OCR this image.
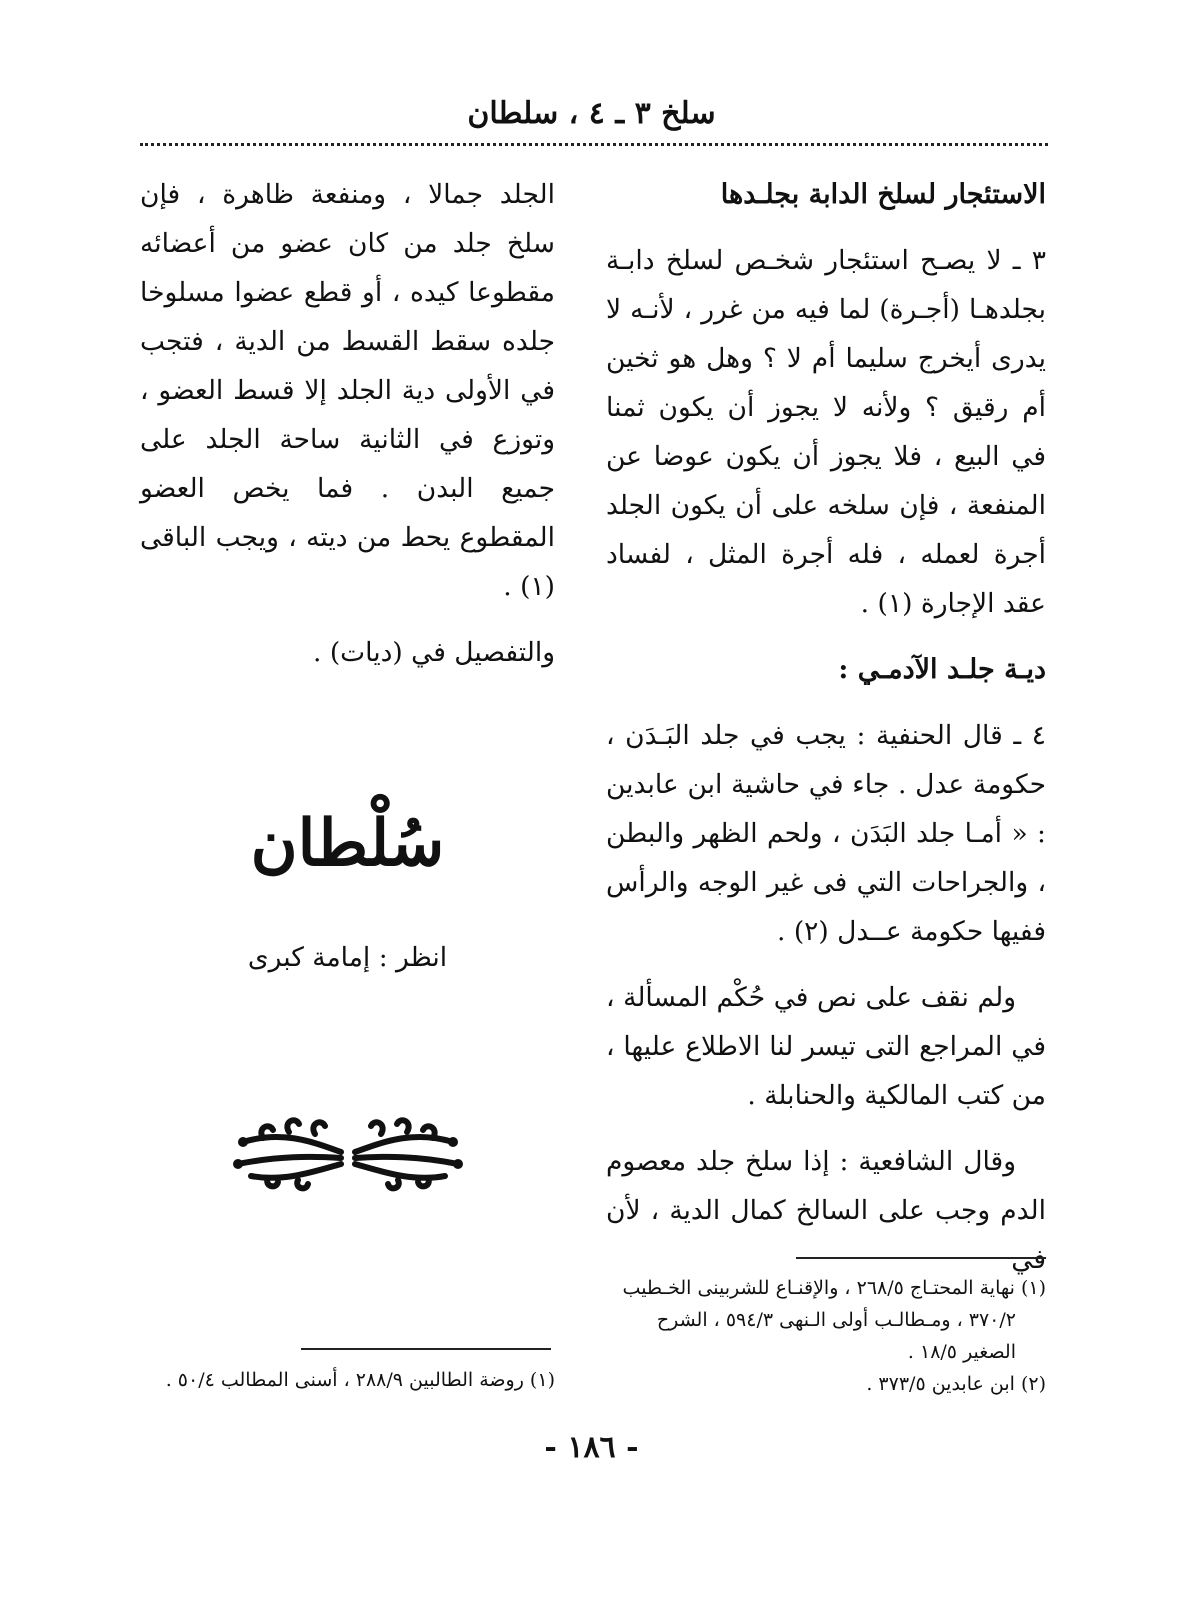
سلخ ٣ ـ ٤ ، سلطان
الاستئجار لسلخ الدابة بجلـدها

٣ ـ لا يصـح استئجار شخـص لسلخ دابـة بجلدهـا (أجـرة) لما فيه من غرر ، لأنـه لا يدرى أيخرج سليما أم لا ؟ وهل هو ثخين أم رقيق ؟ ولأنه لا يجوز أن يكون ثمنا في البيع ، فلا يجوز أن يكون عوضا عن المنفعة ، فإن سلخه على أن يكون الجلد أجرة لعمله ، فله أجرة المثل ، لفساد عقد الإجارة (١) .

ديـة جلـد الآدمـي :

٤ ـ قال الحنفية : يجب في جلد البَـدَن ، حكومة عدل . جاء في حاشية ابن عابدين : « أمـا جلد البَدَن ، ولحم الظهر والبطن ، والجراحات التي فى غير الوجه والرأس ففيها حكومة عــدل (٢) .

ولم نقف على نص في حُكْم المسألة ، في المراجع التى تيسر لنا الاطلاع عليها ، من كتب المالكية والحنابلة .

وقال الشافعية : إذا سلخ جلد معصوم الدم وجب على السالخ كمال الدية ، لأن في

الجلد جمالا ، ومنفعة ظاهرة ، فإن سلخ جلد من كان عضو من أعضائه مقطوعا كيده ، أو قطع عضوا مسلوخا جلده سقط القسط من الدية ، فتجب في الأولى دية الجلد إلا قسط العضو ، وتوزع في الثانية ساحة الجلد على جميع البدن . فما يخص العضو المقطوع يحط من ديته ، ويجب الباقى (١) .

والتفصيل في (ديات) .

سُلْطان
انظر : إمامة كبرى

(١) نهاية المحتـاج ٢٦٨/٥ ، والإقنـاع للشربينى الخـطيب

٣٧٠/٢ ، ومـطالـب أولى الـنهى ٥٩٤/٣ ، الشرح

الصغير ١٨/٥ .

(٢) ابن عابدين ٣٧٣/٥ .

(١) روضة الطالبين ٢٨٨/٩ ، أسنى المطالب ٥٠/٤ .

- ١٨٦ -
